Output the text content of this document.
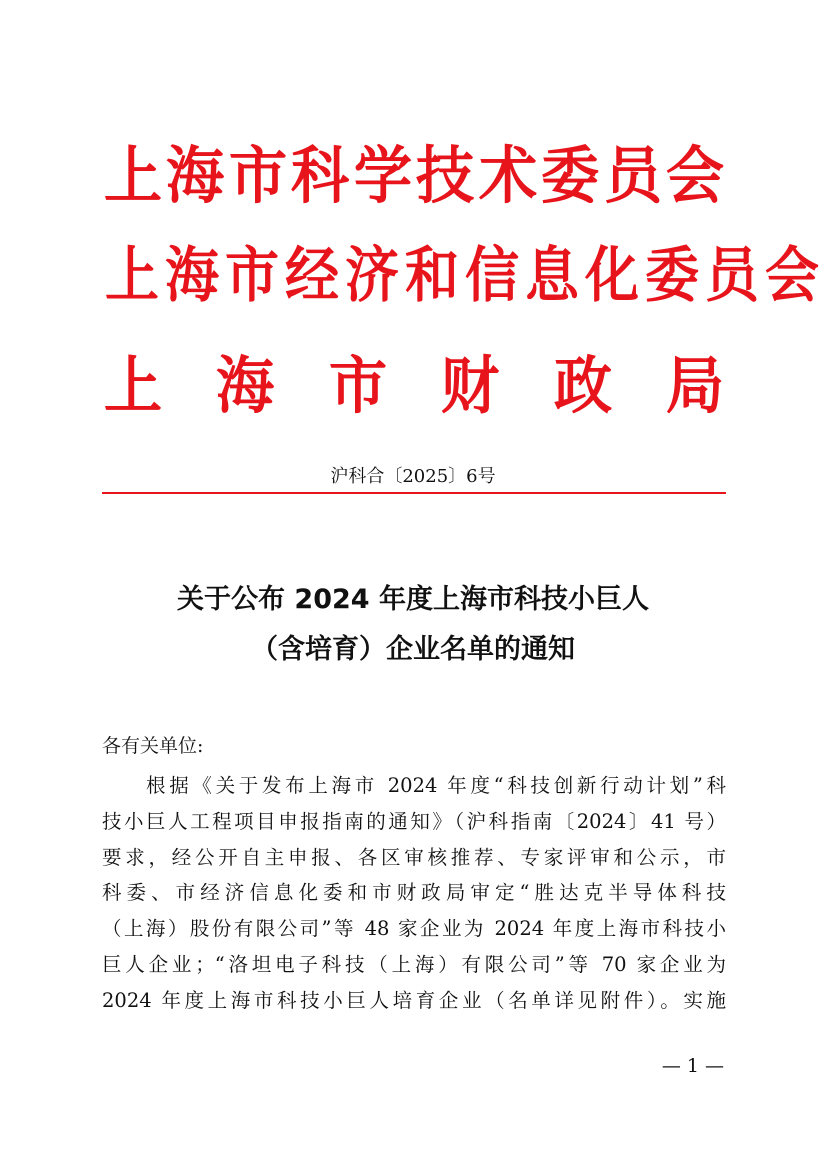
上 海 市 科 学 技 术 委 员 会
上 海 市 经 济 和 信 息 化 委 员 会
上 海 市 财 政 局
沪科合〔2025〕6号
关于公布 2024 年度上海市科技小巨人
（含培育）企业名单的通知
各有关单位:
根据《关于发布上海市 2024 年度“科技创新行动计划”科
技小巨人工程项目申报指南的通知》（沪科指南〔2024〕41 号）
要求，经公开自主申报、各区审核推荐、专家评审和公示，市
科委、市经济信息化委和市财政局审定“胜达克半导体科技
（上海）股份有限公司”等 48 家企业为 2024 年度上海市科技小
巨人企业；“洛坦电子科技（上海）有限公司”等 70 家企业为
2024 年度上海市科技小巨人培育企业（名单详见附件）。实施
— 1 —
